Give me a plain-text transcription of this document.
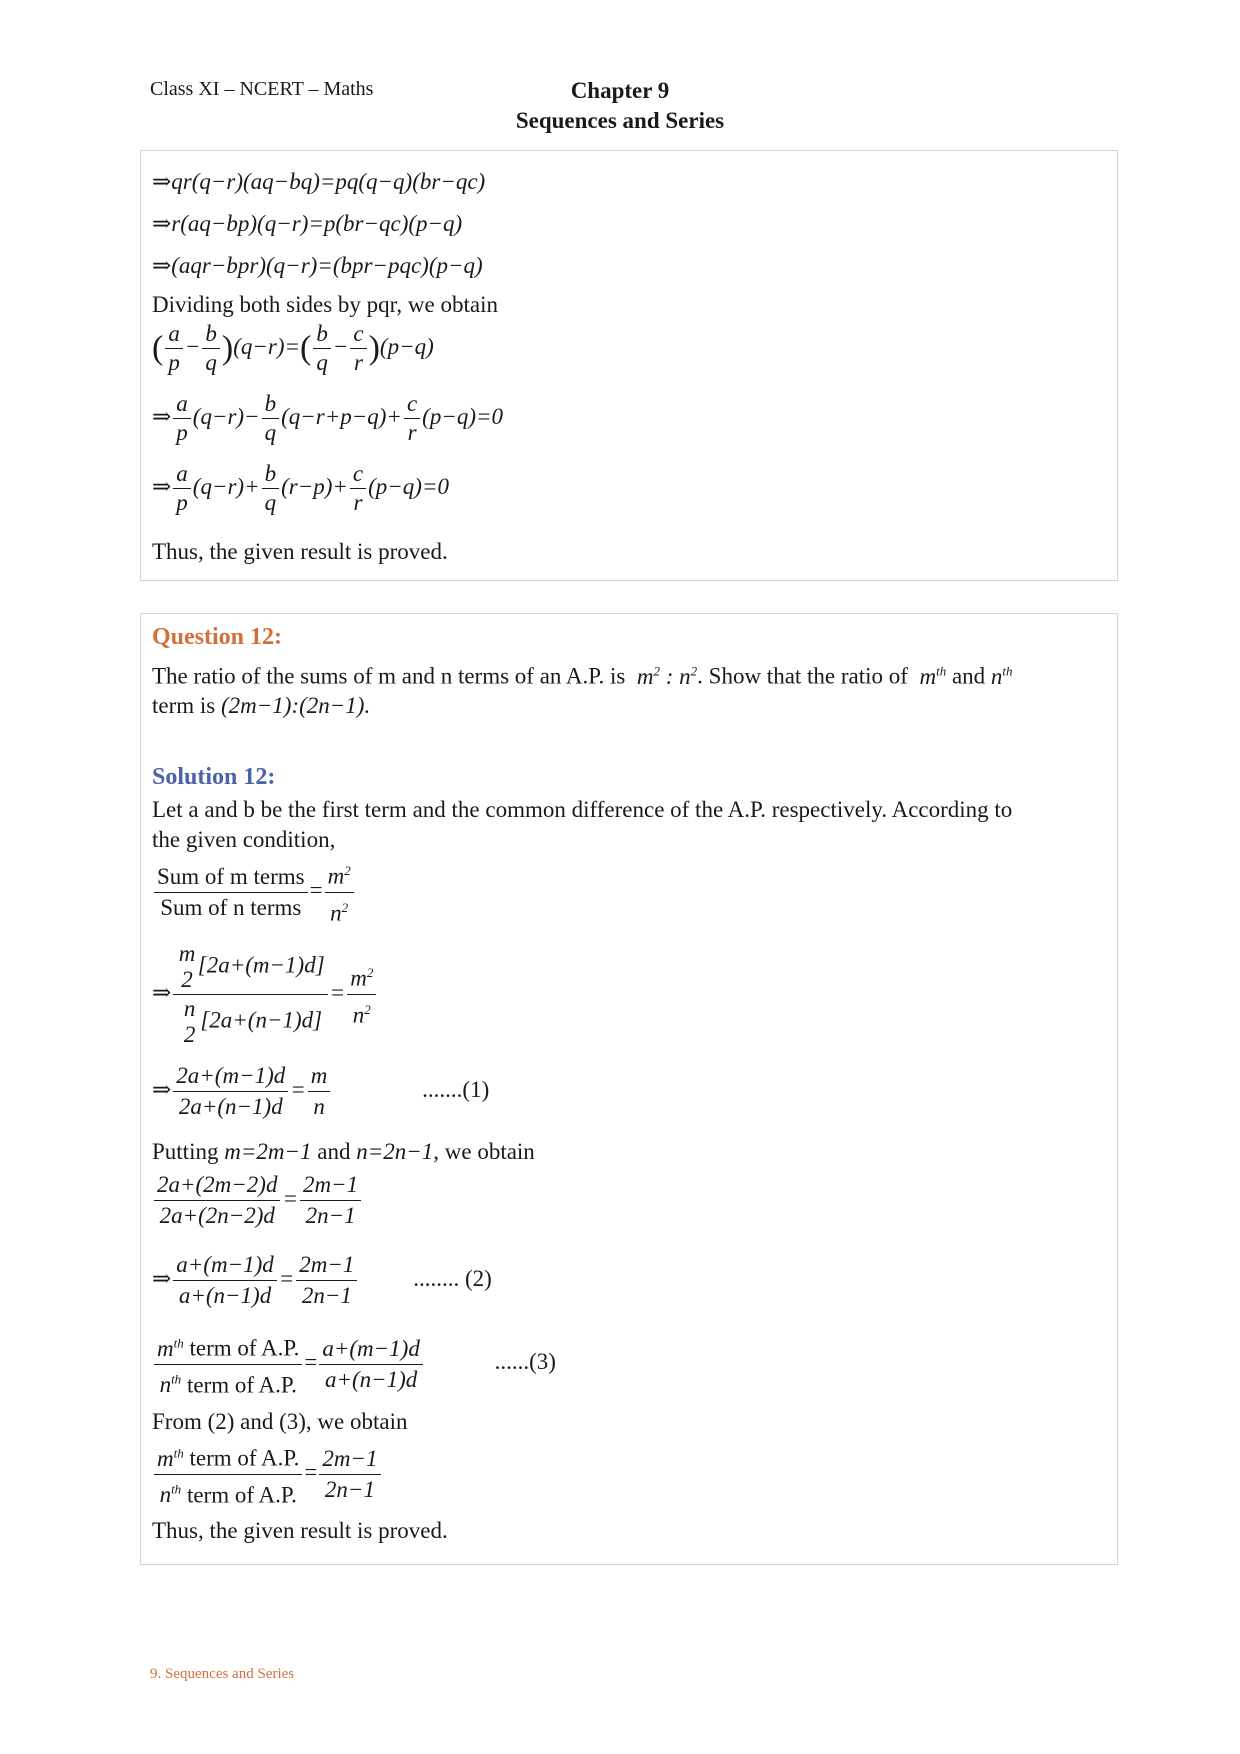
Class XI – NCERT – Maths	Chapter 9
Sequences and Series
⇒qr(q−r)(aq−bq)=pq(q−q)(br−qc)
⇒r(aq−bp)(q−r)=p(br−qc)(p−q)
⇒(aqr−bpr)(q−r)=(bpr−pqc)(p−q)
Dividing both sides by pqr, we obtain
( $\frac{a}{p} - \frac{b}{q} )(q-r)=( \frac{b}{q} - \frac{c}{r} )(p-q)$
⇒ $\frac{a}{p} (q-r)- \frac{b}{q} (q-r+p-q)+ \frac{c}{r} (p-q)=0$
⇒ $\frac{a}{p} (q-r)+ \frac{b}{q} (r-p)+ \frac{c}{r} (p-q)=0$
Thus, the given result is proved.
Question 12:
The ratio of the sums of m and n terms of an A.P. is  $m^2$ : $n^2$. Show that the ratio of  $m^{th}$ and $n^{th}$
term is (2m−1):(2n−1).
Solution 12:
Let a and b be the first term and the common difference of the A.P. respectively. According to
the given condition,
$\frac{\text{Sum of m terms}}{\text{Sum of n terms}} = \frac{m^2}{n^2}$
⇒ m
2
[2a+(m−1)d]
n
2
$[2a+(n-1)d] = \frac{m^2}{n^2}$
⇒ $\frac{2a+(m-1)d}{2a+(n-1)d} = \frac{m}{n}$	.......(1)
Putting m=2m−1 and n=2n−1, we obtain
$\frac{2a+(2m-2)d}{2a+(2n-2)d} = \frac{2m-1}{2n-1}$
⇒ $\frac{a+(m-1)d}{a+(n-1)d} = \frac{2m-1}{2n-1}$ ........ (2)
$\frac{m^{th} term of A.P.}{n^{th} term of A.P.} = \frac{a+(m-1)d}{a+(n-1)d}$	......(3)
From (2) and (3), we obtain
$\frac{m^{th} term of A.P.}{n^{th} term of A.P.} = \frac{2m-1}{2n-1}$
Thus, the given result is proved.
9. Sequences and Series
